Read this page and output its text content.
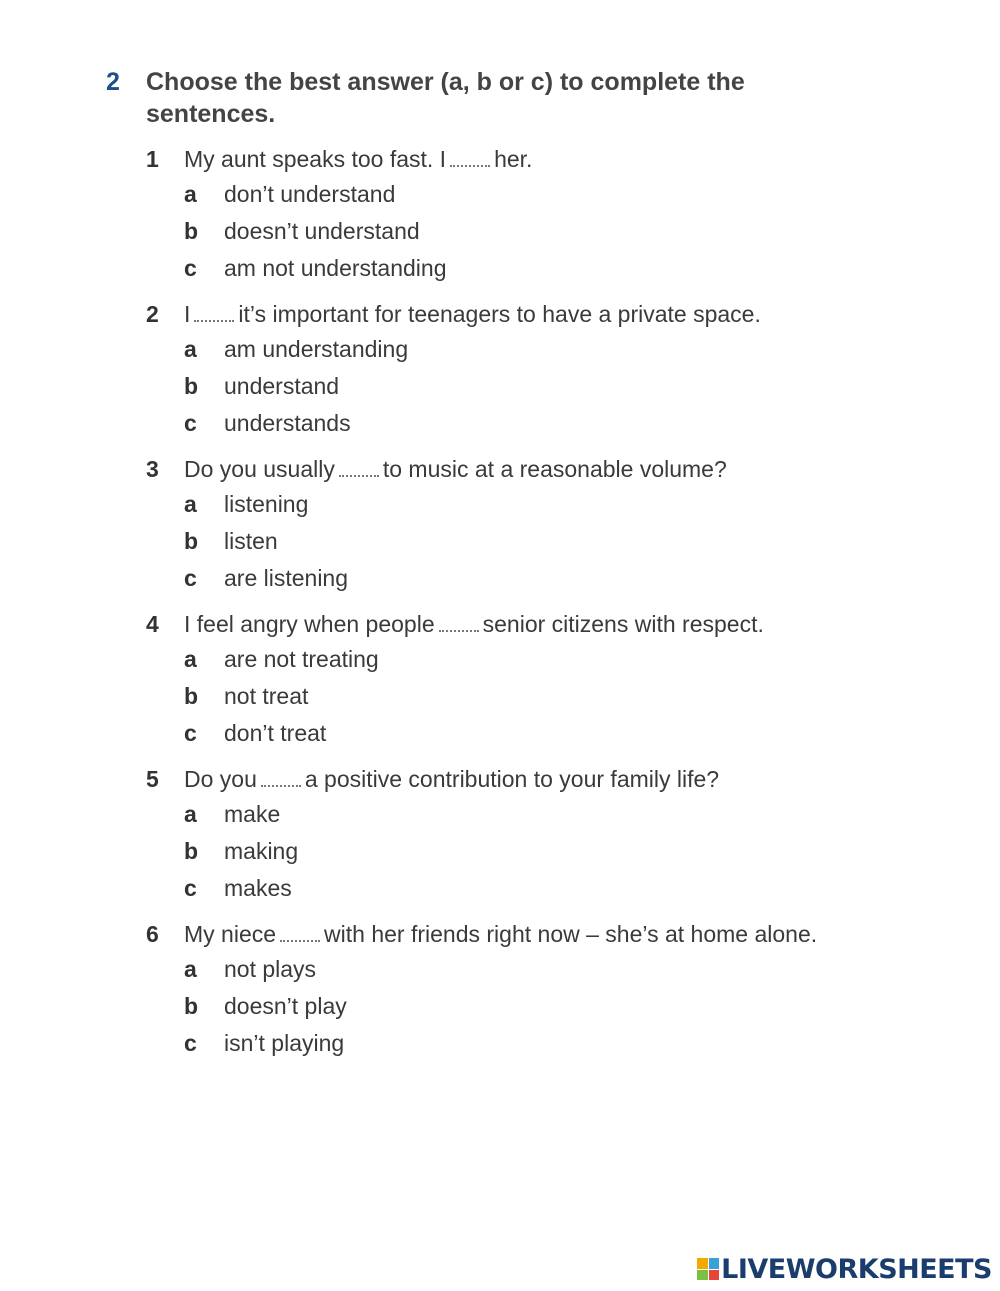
2	Choose the best answer (a, b or c) to complete the sentences.
1	My aunt speaks too fast. I her.
a	don’t understand
b	doesn’t understand
c	am not understanding
2	I it’s important for teenagers to have a private space.
a	am understanding
b	understand
c	understands
3	Do you usually to music at a reasonable volume?
a	listening
b	listen
c	are listening
4	I feel angry when people senior citizens with respect.
a	are not treating
b	not treat
c	don’t treat
5	Do you a positive contribution to your family life?
a	make
b	making
c	makes
6	My niece with her friends right now – she’s at home alone.
a	not plays
b	doesn’t play
c	isn’t playing
LIVEWORKSHEETS
